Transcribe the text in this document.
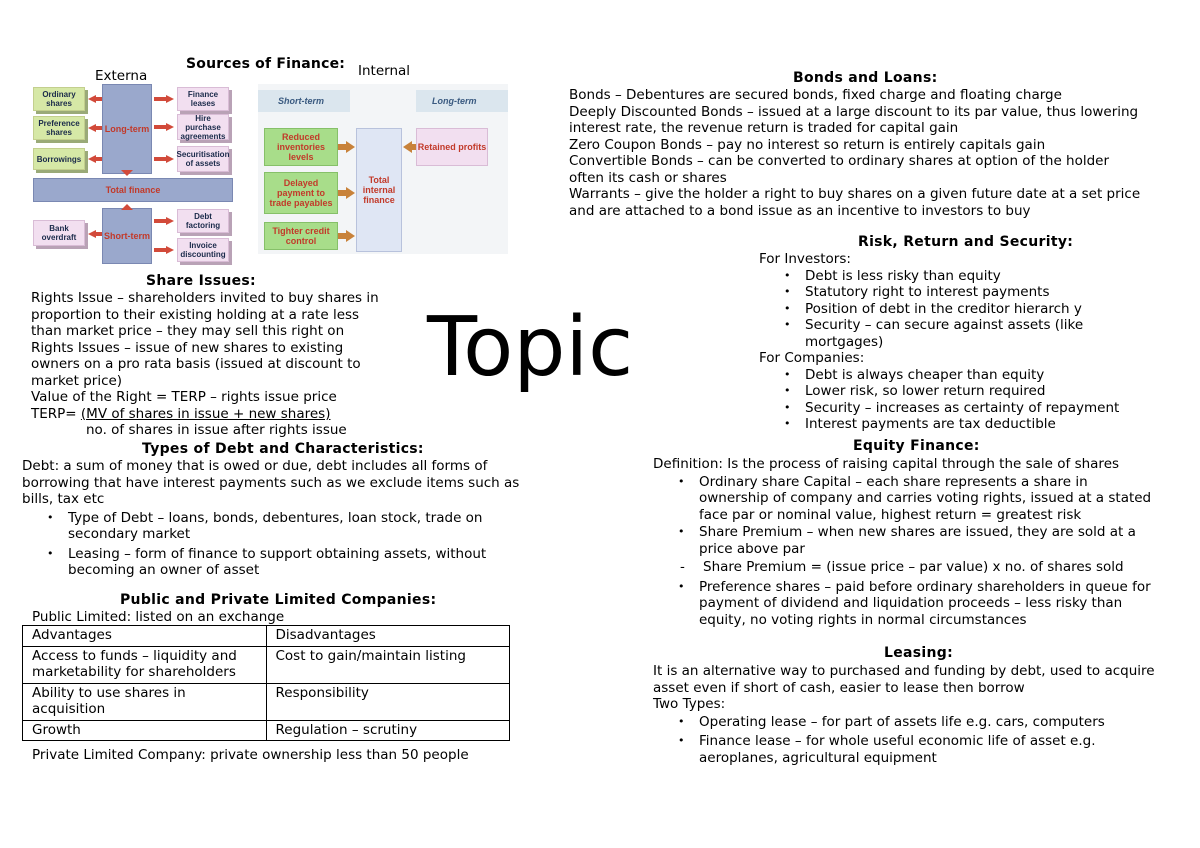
Sources of Finance:
Externa	Internal
Ordinary shares
Preference shares
Borrowings
Long-term
Finance leases
Hire purchase agreements
Securitisation of assets
Total finance
Bank overdraft	Short-term
Debt factoring
Invoice discounting
Short-term	Long-term
Reduced inventories levels
Delayed payment to trade payables
Tighter credit control
Total internal finance
Retained profits
Topic
Share Issues:
Rights Issue – shareholders invited to buy shares in
proportion to their existing holding at a rate less
than market price – they may sell this right on
Rights Issues – issue of new shares to existing
owners on a pro rata basis (issued at discount to
market price)
Value of the Right = TERP – rights issue price
TERP= (MV of shares in issue + new shares)
no. of shares in issue after rights issue
Types of Debt and Characteristics:
Debt: a sum of money that is owed or due, debt includes all forms of
borrowing that have interest payments such as we exclude items such as
bills, tax etc
• Type of Debt – loans, bonds, debentures, loan stock, trade on
secondary market
• Leasing – form of finance to support obtaining assets, without
becoming an owner of asset
Public and Private Limited Companies:
Public Limited: listed on an exchange
Advantages	Disadvantages
Access to funds – liquidity and marketability for shareholders	Cost to gain/maintain listing
Ability to use shares in acquisition	Responsibility
Growth	Regulation – scrutiny
Private Limited Company: private ownership less than 50 people
Bonds and Loans:
Bonds – Debentures are secured bonds, fixed charge and floating charge
Deeply Discounted Bonds – issued at a large discount to its par value, thus lowering
interest rate, the revenue return is traded for capital gain
Zero Coupon Bonds – pay no interest so return is entirely capitals gain
Convertible Bonds – can be converted to ordinary shares at option of the holder
often its cash or shares
Warrants – give the holder a right to buy shares on a given future date at a set price
and are attached to a bond issue as an incentive to investors to buy
Risk, Return and Security:
For Investors:
• Debt is less risky than equity
• Statutory right to interest payments
• Position of debt in the creditor hierarch y
• Security – can secure against assets (like
mortgages)
For Companies:
• Debt is always cheaper than equity
• Lower risk, so lower return required
• Security – increases as certainty of repayment
• Interest payments are tax deductible
Equity Finance:
Definition: Is the process of raising capital through the sale of shares
• Ordinary share Capital – each share represents a share in
ownership of company and carries voting rights, issued at a stated
face par or nominal value, highest return = greatest risk
• Share Premium – when new shares are issued, they are sold at a
price above par
- Share Premium = (issue price – par value) x no. of shares sold
• Preference shares – paid before ordinary shareholders in queue for
payment of dividend and liquidation proceeds – less risky than
equity, no voting rights in normal circumstances
Leasing:
It is an alternative way to purchased and funding by debt, used to acquire
asset even if short of cash, easier to lease then borrow
Two Types:
• Operating lease – for part of assets life e.g. cars, computers
• Finance lease – for whole useful economic life of asset e.g.
aeroplanes, agricultural equipment
